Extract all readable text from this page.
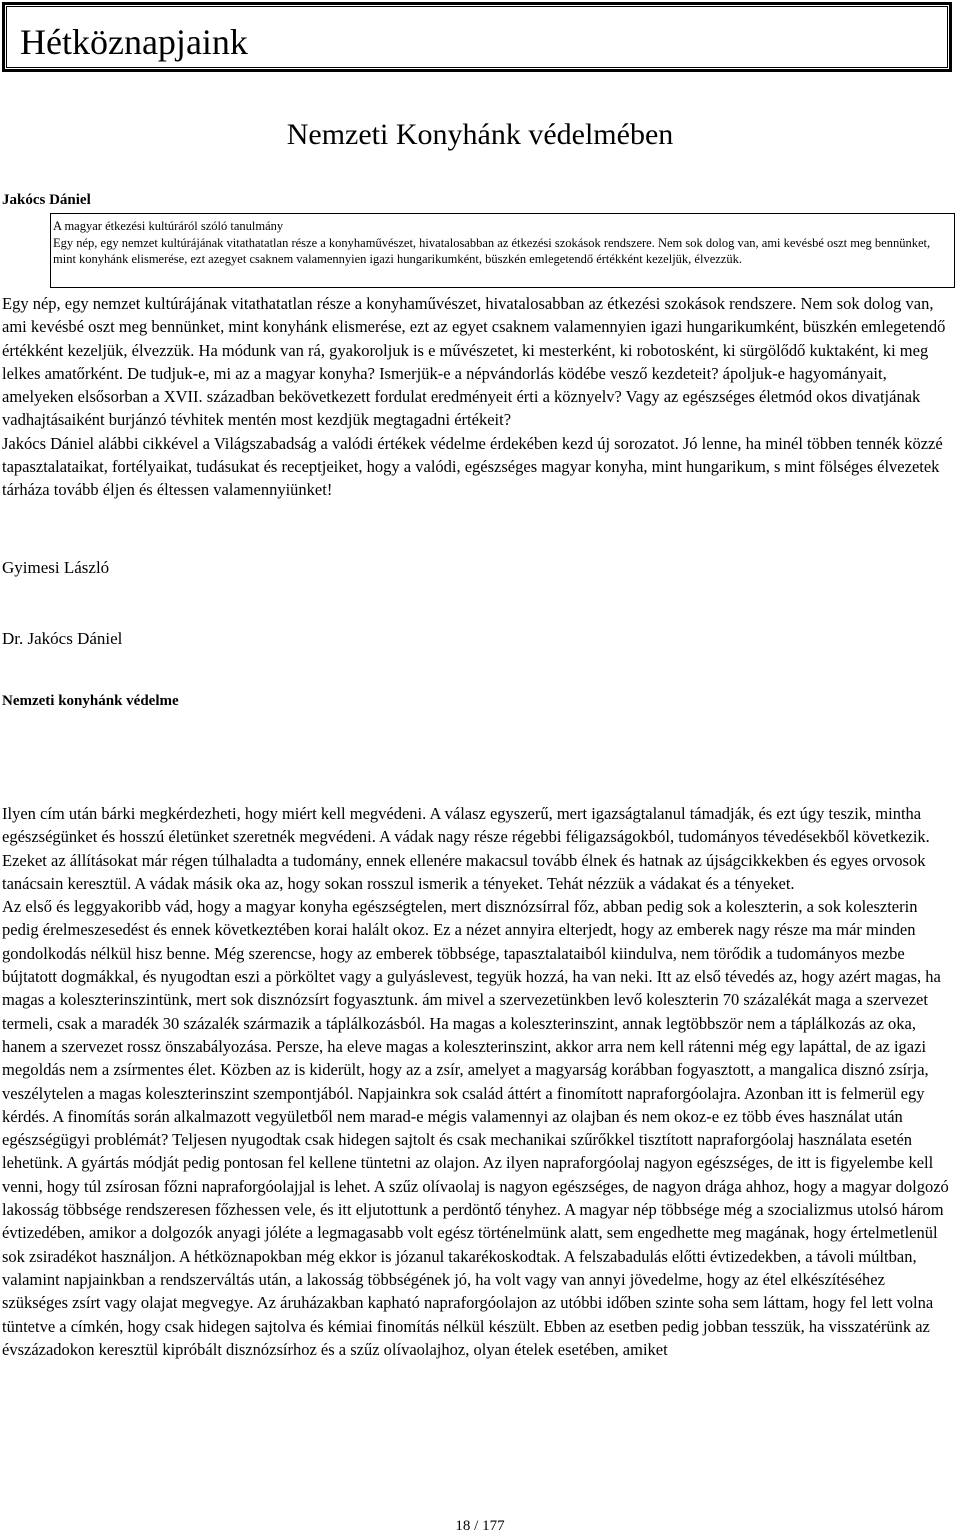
Hétköznapjaink
Nemzeti Konyhánk védelmében
Jakócs Dániel

A magyar étkezési kultúráról szóló tanulmány

Egy nép, egy nemzet kultúrájának vitathatatlan része a konyhaművészet, hivatalosabban az étkezési szokások rendszere. Nem sok dolog van, ami kevésbé oszt meg bennünket, mint konyhánk elismerése, ezt azegyet csaknem valamennyien igazi hungarikumként, büszkén emlegetendő értékként kezeljük, élvezzük.

Egy nép, egy nemzet kultúrájának vitathatatlan része a konyhaművészet, hivatalosabban az étkezési szokások rendszere. Nem sok dolog van, ami kevésbé oszt meg bennünket, mint konyhánk elismerése, ezt az egyet csaknem valamennyien igazi hungarikumként, büszkén emlegetendő értékként kezeljük, élvezzük. Ha módunk van rá, gyakoroljuk is e művészetet, ki mesterként, ki robotosként, ki sürgölődő kuktaként, ki meg lelkes amatőrként. De tudjuk-e, mi az a magyar konyha? Ismerjük-e a népvándorlás ködébe vesző kezdeteit? ápoljuk-e hagyományait, amelyeken elsősorban a XVII. században bekövetkezett fordulat eredményeit érti a köznyelv? Vagy az egészséges életmód okos divatjának vadhajtásaiként burjánzó tévhitek mentén most kezdjük megtagadni értékeit?

Jakócs Dániel alábbi cikkével a Világszabadság a valódi értékek védelme érdekében kezd új sorozatot. Jó lenne, ha minél többen tennék közzé tapasztalataikat, fortélyaikat, tudásukat és receptjeiket, hogy a valódi, egészséges magyar konyha, mint hungarikum, s mint fölséges élvezetek tárháza tovább éljen és éltessen valamennyiünket!

Gyimesi László
Dr. Jakócs Dániel
Nemzeti konyhánk védelme

Ilyen cím után bárki megkérdezheti, hogy miért kell megvédeni. A válasz egyszerű, mert igazságtalanul támadják, és ezt úgy teszik, mintha egészségünket és hosszú életünket szeretnék megvédeni. A vádak nagy része régebbi féligazságokból, tudományos tévedésekből következik. Ezeket az állításokat már régen túlhaladta a tudomány, ennek ellenére makacsul tovább élnek és hatnak az újságcikkekben és egyes orvosok tanácsain keresztül. A vádak másik oka az, hogy sokan rosszul ismerik a tényeket. Tehát nézzük a vádakat és a tényeket.

Az első és leggyakoribb vád, hogy a magyar konyha egészségtelen, mert disznózsírral főz, abban pedig sok a koleszterin, a sok koleszterin pedig érelmeszesedést és ennek következtében korai halált okoz. Ez a nézet annyira elterjedt, hogy az emberek nagy része ma már minden gondolkodás nélkül hisz benne. Még szerencse, hogy az emberek többsége, tapasztalataiból kiindulva, nem törődik a tudományos mezbe bújtatott dogmákkal, és nyugodtan eszi a pörköltet vagy a gulyáslevest, tegyük hozzá, ha van neki. Itt az első tévedés az, hogy azért magas, ha magas a koleszterinszintünk, mert sok disznózsírt fogyasztunk. ám mivel a szervezetünkben levő koleszterin 70 százalékát maga a szervezet termeli, csak a maradék 30 százalék származik a táplálkozásból. Ha magas a koleszterinszint, annak legtöbbször nem a táplálkozás az oka, hanem a szervezet rossz önszabályozása. Persze, ha eleve magas a koleszterinszint, akkor arra nem kell rátenni még egy lapáttal, de az igazi megoldás nem a zsírmentes élet. Közben az is kiderült, hogy az a zsír, amelyet a magyarság korábban fogyasztott, a mangalica disznó zsírja, veszélytelen a magas koleszterinszint szempontjából. Napjainkra sok család áttért a finomított napraforgóolajra. Azonban itt is felmerül egy kérdés. A finomítás során alkalmazott vegyületből nem marad-e mégis valamennyi az olajban és nem okoz-e ez több éves használat után egészségügyi problémát? Teljesen nyugodtak csak hidegen sajtolt és csak mechanikai szűrőkkel tisztított napraforgóolaj használata esetén lehetünk. A gyártás módját pedig pontosan fel kellene tüntetni az olajon. Az ilyen napraforgóolaj nagyon egészséges, de itt is figyelembe kell venni, hogy túl zsírosan főzni napraforgóolajjal is lehet. A szűz olívaolaj is nagyon egészséges, de nagyon drága ahhoz, hogy a magyar dolgozó lakosság többsége rendszeresen főzhessen vele, és itt eljutottunk a perdöntő tényhez. A magyar nép többsége még a szocializmus utolsó három évtizedében, amikor a dolgozók anyagi jóléte a legmagasabb volt egész történelmünk alatt, sem engedhette meg magának, hogy értelmetlenül sok zsiradékot használjon. A hétköznapokban még ekkor is józanul takarékoskodtak. A felszabadulás előtti évtizedekben, a távoli múltban, valamint napjainkban a rendszerváltás után, a lakosság többségének jó, ha volt vagy van annyi jövedelme, hogy az étel elkészítéséhez szükséges zsírt vagy olajat megvegye. Az áruházakban kapható napraforgóolajon az utóbbi időben szinte soha sem láttam, hogy fel lett volna tüntetve a címkén, hogy csak hidegen sajtolva és kémiai finomítás nélkül készült. Ebben az esetben pedig jobban tesszük, ha visszatérünk az évszázadokon keresztül kipróbált disznózsírhoz és a szűz olívaolajhoz, olyan ételek esetében, amiket

18 / 177
